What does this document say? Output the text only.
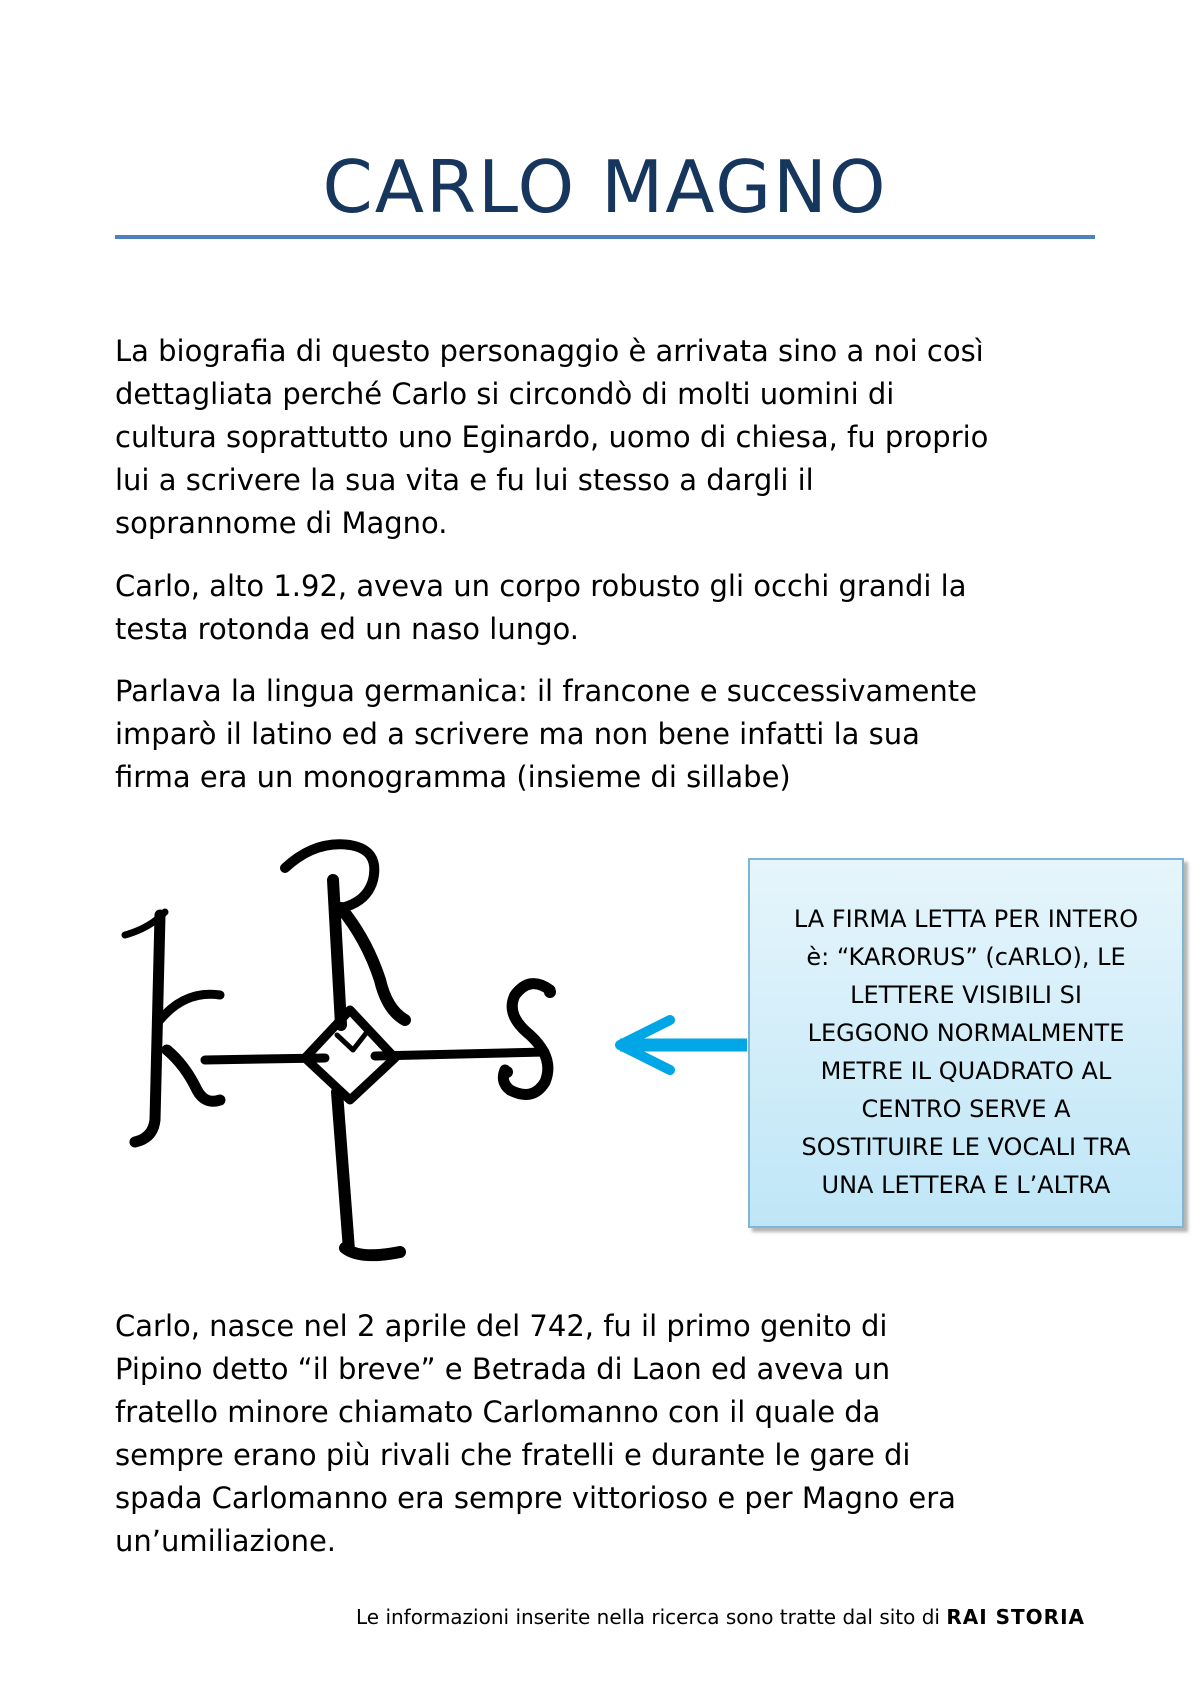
CARLO MAGNO
La biografia di questo personaggio è arrivata sino a noi così
dettagliata perché Carlo si circondò di molti uomini di
cultura soprattutto uno Eginardo, uomo di chiesa, fu proprio
lui a scrivere la sua vita e fu lui stesso a dargli il
soprannome di Magno.
Carlo, alto 1.92, aveva un corpo robusto gli occhi grandi la
testa rotonda ed un naso lungo.
Parlava la lingua germanica: il francone e successivamente
imparò il latino ed a scrivere ma non bene infatti la sua
firma era un monogramma (insieme di sillabe)
LA FIRMA LETTA PER INTERO
è: “KARORUS” (cARLO), LE
LETTERE VISIBILI SI
LEGGONO NORMALMENTE
METRE IL QUADRATO AL
CENTRO SERVE A
SOSTITUIRE LE VOCALI TRA
UNA LETTERA E L’ALTRA
Carlo, nasce nel 2 aprile del 742, fu il primo genito di
Pipino detto “il breve” e Betrada di Laon ed aveva un
fratello minore chiamato Carlomanno con il quale da
sempre erano più rivali che fratelli e durante le gare di
spada Carlomanno era sempre vittorioso e per Magno era
un’umiliazione.
Le informazioni inserite nella ricerca sono tratte dal sito di RAI STORIA
